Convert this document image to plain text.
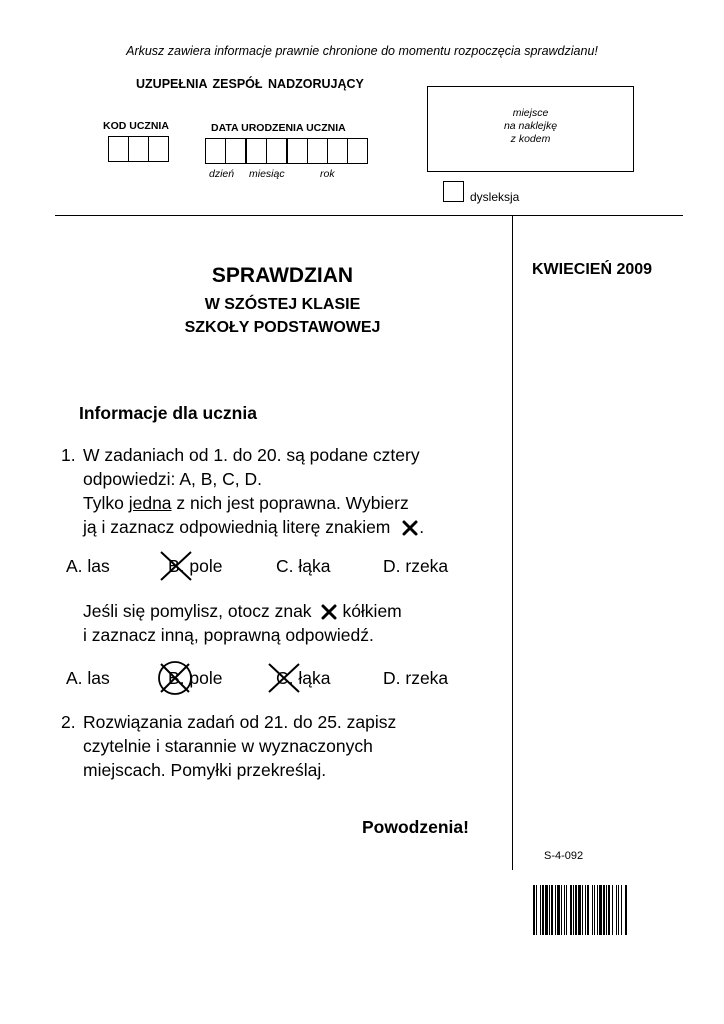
Arkusz zawiera informacje prawnie chronione do momentu rozpoczęcia sprawdzianu!
UZUPEŁNIA ZESPÓŁ NADZORUJĄCY
KOD UCZNIA	DATA URODZENIA UCZNIA
dzień miesiąc	rok
miejsce
na naklejkę
z kodem
dysleksja
KWIECIEŃ 2009
SPRAWDZIAN
W SZÓSTEJ KLASIE
SZKOŁY PODSTAWOWEJ
Informacje dla ucznia
1. W zadaniach od 1. do 20. są podane cztery
odpowiedzi: A, B, C, D.
Tylko jedna z nich jest poprawna. Wybierz
ją i zaznacz odpowiednią literę znakiem .
A. las	B. pole	C. łąka	D. rzeka
Jeśli się pomylisz, otocz znak kółkiem
i zaznacz inną, poprawną odpowiedź.
A. las	B. pole	C. łąka	D. rzeka
2. Rozwiązania zadań od 21. do 25. zapisz
czytelnie i starannie w wyznaczonych
miejscach. Pomyłki przekreślaj.
Powodzenia!
S-4-092
